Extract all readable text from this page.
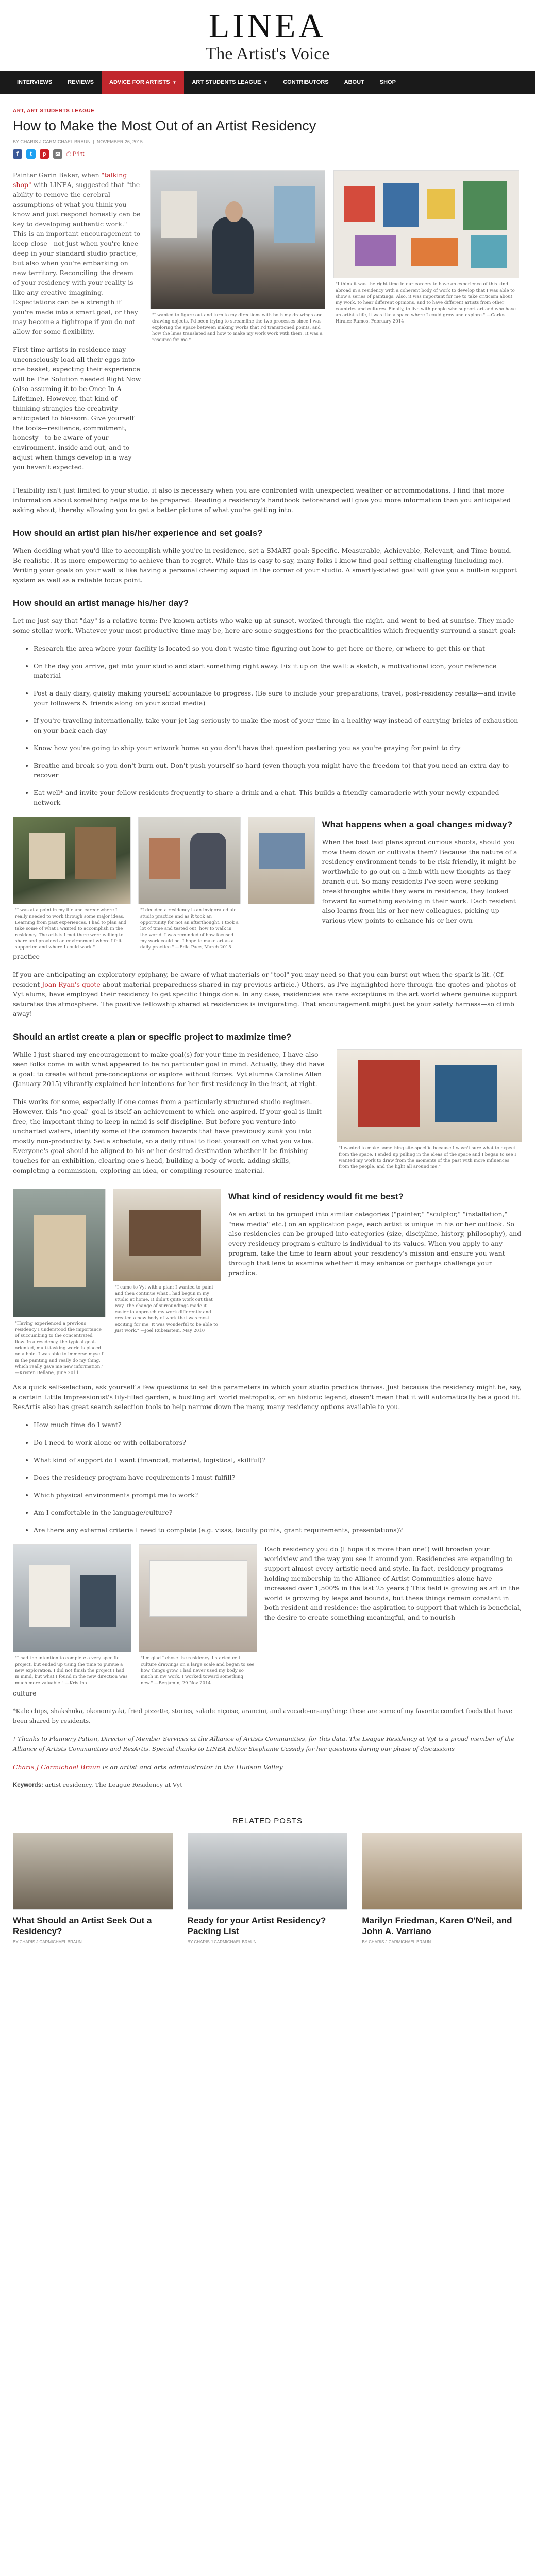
LINEA
The Artist's Voice
INTERVIEWS	REVIEWS	ADVICE FOR ARTISTS ▼	ART STUDENTS LEAGUE ▼	CONTRIBUTORS	ABOUT	SHOP
ART, ART STUDENTS LEAGUE
How to Make the Most Out of an Artist Residency
BY CHARIS J CARMICHAEL BRAUN  |  NOVEMBER 26, 2015
f	t	p	✉	⎙ Print

Painter Garin Baker, when "talking shop" with LINEA, suggested that "the ability to remove the cerebral assumptions of what you think you know and just respond honestly can be key to developing authentic work." This is an important encouragement to keep close—not just when you're knee-deep in your standard studio practice, but also when you're embarking on new territory. Reconciling the dream of your residency with your reality is like any creative imagining. Expectations can be a strength if you're made into a smart goal, or they may become a tightrope if you do not allow for some flexibility.

First-time artists-in-residence may unconsciously load all their eggs into one basket, expecting their experience will be The Solution needed Right Now (also assuming it to be Once-In-A-Lifetime). However, that kind of thinking strangles the creativity anticipated to blossom. Give yourself the tools—resilience, commitment, honesty—to be aware of your environment, inside and out, and to adjust when things develop in a way you haven't expected.

"I wanted to figure out and turn to my directions with both my drawings and drawing objects. I'd been trying to streamline the two processes since I was exploring the space between making works that I'd transitioned points, and how the lines translated and how to make my work work with them. It was a resource for me."
"I think it was the right time in our careers to have an experience of this kind abroad in a residency with a coherent body of work to develop that I was able to show a series of paintings. Also, it was important for me to take criticism about my work, to hear different opinions, and to have different artists from other countries and cultures. Finally, to live with people who support art and who have an artist's life, it was like a space where I could grow and explore." —Carlos Hiralez Ramos, February 2014

Flexibility isn't just limited to your studio, it also is necessary when you are confronted with unexpected weather or accommodations. I find that more information about something helps me to be prepared. Reading a residency's handbook beforehand will give you more information than you anticipated asking about, thereby allowing you to get a better picture of what you're getting into.

How should an artist plan his/her experience and set goals?

When deciding what you'd like to accomplish while you're in residence, set a SMART goal: Specific, Measurable, Achievable, Relevant, and Time-bound. Be realistic. It is more empowering to achieve than to regret. While this is easy to say, many folks I know find goal-setting challenging (including me). Writing your goals on your wall is like having a personal cheering squad in the corner of your studio. A smartly-stated goal will give you a built-in support system as well as a reliable focus point.

How should an artist manage his/her day?

Let me just say that "day" is a relative term: I've known artists who wake up at sunset, worked through the night, and went to bed at sunrise. They made some stellar work. Whatever your most productive time may be, here are some suggestions for the practicalities which frequently surround a smart goal:

• Research the area where your facility is located so you don't waste time figuring out how to get here or there, or where to get this or that
• On the day you arrive, get into your studio and start something right away. Fix it up on the wall: a sketch, a motivational icon, your reference material
• Post a daily diary, quietly making yourself accountable to progress. (Be sure to include your preparations, travel, post-residency results—and invite your followers & friends along on your social media)
• If you're traveling internationally, take your jet lag seriously to make the most of your time in a healthy way instead of carrying bricks of exhaustion on your back each day
• Know how you're going to ship your artwork home so you don't have that question pestering you as you're praying for paint to dry
• Breathe and break so you don't burn out. Don't push yourself so hard (even though you might have the freedom to) that you need an extra day to recover
• Eat well* and invite your fellow residents frequently to share a drink and a chat. This builds a friendly camaraderie with your newly expanded network
"I was at a point in my life and career where I really needed to work through some major ideas. Learning from past experiences, I had to plan and take some of what I wanted to accomplish in the residency. The artists I met there were willing to share and provided an environment where I felt supported and where I could work."
"I decided a residency is an invigorated ale studio practice and as it took an opportunity for not an afterthought. I took a lot of time and tested out, how to walk in the world. I was reminded of how focused my work could be. I hope to make art as a daily practice." —Edla Pace, March 2015
What happens when a goal changes midway?

When the best laid plans sprout curious shoots, should you mow them down or cultivate them? Because the nature of a residency environment tends to be risk-friendly, it might be worthwhile to go out on a limb with new thoughts as they branch out. So many residents I've seen were seeking breakthroughs while they were in residence, they looked forward to something evolving in their work. Each resident also learns from his or her new colleagues, picking up various view-points to enhance his or her own

practice

If you are anticipating an exploratory epiphany, be aware of what materials or "tool" you may need so that you can burst out when the spark is lit. (Cf. resident Joan Ryan's quote about material preparedness shared in my previous article.) Others, as I've highlighted here through the quotes and photos of Vyt alums, have employed their residency to get specific things done. In any case, residencies are rare exceptions in the art world where genuine support saturates the atmosphere. The positive fellowship shared at residencies is invigorating. That encouragement might just be your safety harness—so climb away!

Should an artist create a plan or specific project to maximize time?

While I just shared my encouragement to make goal(s) for your time in residence, I have also seen folks come in with what appeared to be no particular goal in mind. Actually, they did have a goal: to create without pre-conceptions or explore without forces. Vyt alumna Caroline Allen (January 2015) vibrantly explained her intentions for her first residency in the inset, at right.

This works for some, especially if one comes from a particularly structured studio regimen. However, this "no-goal" goal is itself an achievement to which one aspired. If your goal is limit-free, the important thing to keep in mind is self-discipline. But before you venture into uncharted waters, identify some of the common hazards that have previously sunk you into mostly non-productivity. Set a schedule, so a daily ritual to float yourself on what you value. Everyone's goal should be aligned to his or her desired destination whether it be finishing touches for an exhibition, clearing one's head, building a body of work, adding skills, completing a commission, exploring an idea, or compiling resource material.

"I wanted to make something site-specific because I wasn't sure what to expect from the space. I ended up pulling in the ideas of the space and I began to see I wanted my work to draw from the moments of the past with more influences from the people, and the light all around me."
"Having experienced a previous residency I understood the importance of succumbing to the concentrated flow. In a residency, the typical goal-oriented, multi-tasking world is placed on a hold. I was able to immerse myself in the painting and really do my thing, which really gave me new information." —Kristen Bellane, June 2011
"I came to Vyt with a plan: I wanted to paint and then continue what I had begun in my studio at home. It didn't quite work out that way. The change of surroundings made it easier to approach my work differently and created a new body of work that was most exciting for me. It was wonderful to be able to just work." —Joel Rubenstein, May 2010
What kind of residency would fit me best?

As an artist to be grouped into similar categories ("painter," "sculptor," "installation," "new media" etc.) on an application page, each artist is unique in his or her outlook. So also residencies can be grouped into categories (size, discipline, history, philosophy), and every residency program's culture is individual to its values. When you apply to any program, take the time to learn about your residency's mission and ensure you want through that lens to examine whether it may enhance or perhaps challenge your practice.

As a quick self-selection, ask yourself a few questions to set the parameters in which your studio practice thrives. Just because the residency might be, say, a certain Little Impressionist's lily-filled garden, a bustling art world metropolis, or an historic legend, doesn't mean that it will automatically be a good fit. ResArtis also has great search selection tools to help narrow down the many, many residency options available to you.

• How much time do I want?
• Do I need to work alone or with collaborators?
• What kind of support do I want (financial, material, logistical, skillful)?
• Does the residency program have requirements I must fulfill?
• Which physical environments prompt me to work?
• Am I comfortable in the language/culture?
• Are there any external criteria I need to complete (e.g. visas, faculty points, grant requirements, presentations)?
"I had the intention to complete a very specific project, but ended up using the time to pursue a new exploration. I did not finish the project I had in mind, but what I found in the new direction was much more valuable." —Kristina
"I'm glad I chose the residency. I started cell culture drawings on a large scale and began to see how things grow. I had never used my body so much in my work. I worked toward something new." —Benjamin, 29 Nov 2014

Each residency you do (I hope it's more than one!) will broaden your worldview and the way you see it around you. Residencies are expanding to support almost every artistic need and style. In fact, residency programs holding membership in the Alliance of Artist Communities alone have increased over 1,500% in the last 25 years.† This field is growing as art in the world is growing by leaps and bounds, but these things remain constant in both resident and residence: the aspiration to support that which is beneficial, the desire to create something meaningful, and to nourish

culture

*Kale chips, shakshuka, okonomiyaki, fried pizzette, stories, salade niçoise, arancini, and avocado-on-anything: these are some of my favorite comfort foods that have been shared by residents.

† Thanks to Flannery Patton, Director of Member Services at the Alliance of Artists Communities, for this data. The League Residency at Vyt is a proud member of the Alliance of Artists Communities and ResArtis. Special thanks to LINEA Editor Stephanie Cassidy for her questions during our phase of discussions

Charis J Carmichael Braun is an artist and arts administrator in the Hudson Valley

Keywords: artist residency, The League Residency at Vyt

RELATED POSTS
What Should an Artist Seek Out a Residency?
BY CHARIS J CARMICHAEL BRAUN
Ready for your Artist Residency? Packing List
BY CHARIS J CARMICHAEL BRAUN
Marilyn Friedman, Karen O'Neil, and John A. Varriano
BY CHARIS J CARMICHAEL BRAUN
